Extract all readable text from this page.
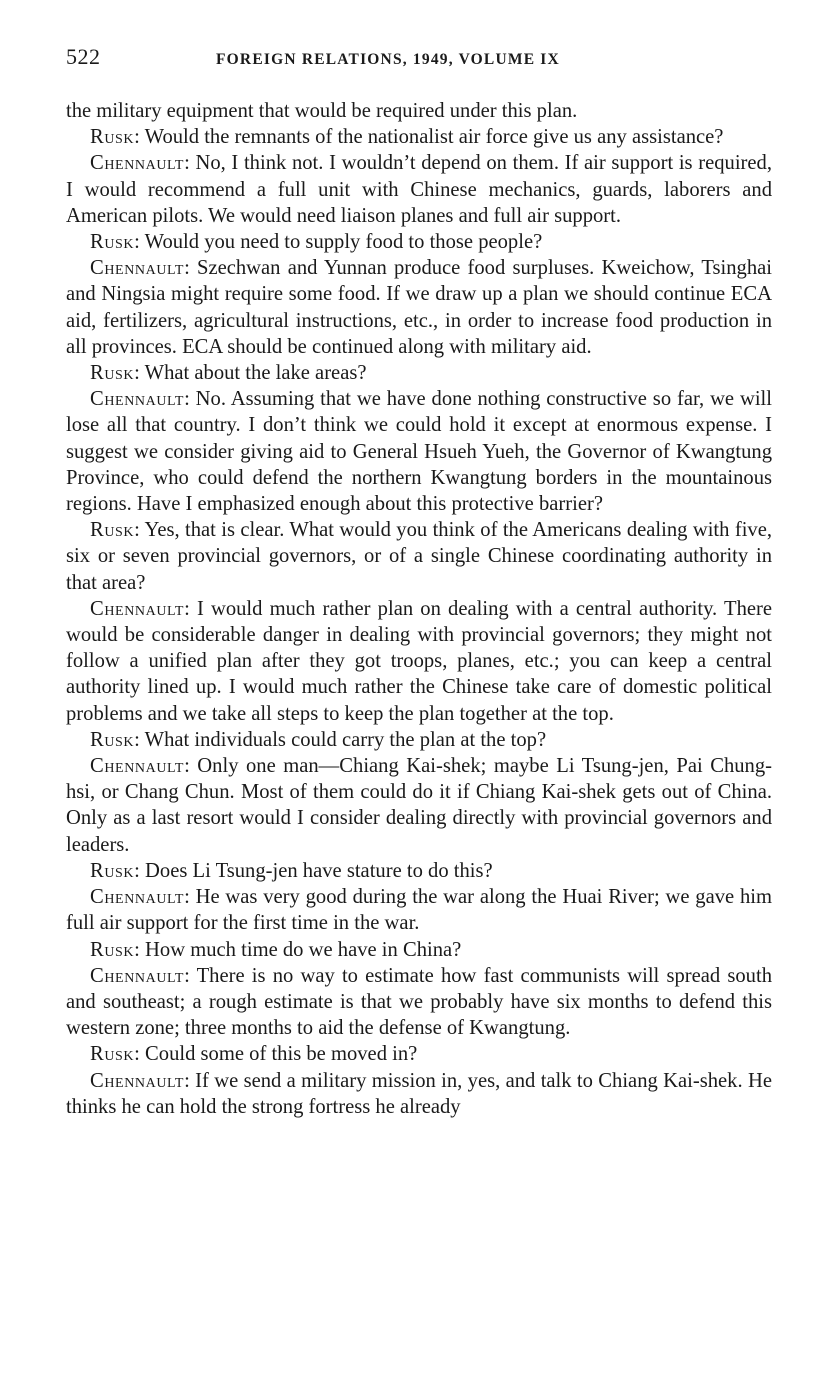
522	FOREIGN RELATIONS, 1949, VOLUME IX

the military equipment that would be required under this plan.

Rusk: Would the remnants of the nationalist air force give us any assistance?

Chennault: No, I think not. I wouldn’t depend on them. If air support is required, I would recommend a full unit with Chinese mechanics, guards, laborers and American pilots. We would need liaison planes and full air support.

Rusk: Would you need to supply food to those people?

Chennault: Szechwan and Yunnan produce food surpluses. Kweichow, Tsinghai and Ningsia might require some food. If we draw up a plan we should continue ECA aid, fertilizers, agricultural instructions, etc., in order to increase food production in all provinces. ECA should be continued along with military aid.

Rusk: What about the lake areas?

Chennault: No. Assuming that we have done nothing constructive so far, we will lose all that country. I don’t think we could hold it except at enormous expense. I suggest we consider giving aid to General Hsueh Yueh, the Governor of Kwangtung Province, who could defend the northern Kwangtung borders in the mountainous regions. Have I emphasized enough about this protective barrier?

Rusk: Yes, that is clear. What would you think of the Americans dealing with five, six or seven provincial governors, or of a single Chinese coordinating authority in that area?

Chennault: I would much rather plan on dealing with a central authority. There would be considerable danger in dealing with provincial governors; they might not follow a unified plan after they got troops, planes, etc.; you can keep a central authority lined up. I would much rather the Chinese take care of domestic political problems and we take all steps to keep the plan together at the top.

Rusk: What individuals could carry the plan at the top?

Chennault: Only one man—Chiang Kai-shek; maybe Li Tsung-jen, Pai Chung-hsi, or Chang Chun. Most of them could do it if Chiang Kai-shek gets out of China. Only as a last resort would I consider dealing directly with provincial governors and leaders.

Rusk: Does Li Tsung-jen have stature to do this?

Chennault: He was very good during the war along the Huai River; we gave him full air support for the first time in the war.

Rusk: How much time do we have in China?

Chennault: There is no way to estimate how fast communists will spread south and southeast; a rough estimate is that we probably have six months to defend this western zone; three months to aid the defense of Kwangtung.

Rusk: Could some of this be moved in?

Chennault: If we send a military mission in, yes, and talk to Chiang Kai-shek. He thinks he can hold the strong fortress he already
